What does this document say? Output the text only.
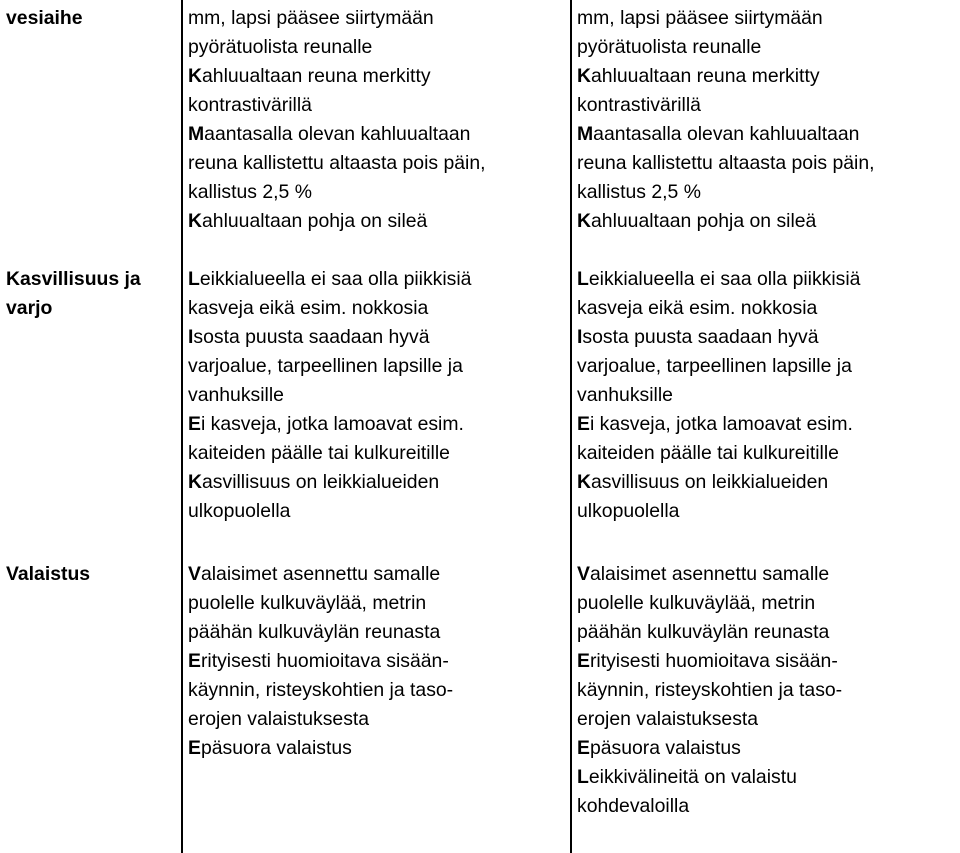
vesiaihe	mm, lapsi pääsee siirtymään
pyörätuolista reunalle
Kahluualtaan reuna merkitty
kontrastivärillä
Maantasalla olevan kahluualtaan
reuna kallistettu altaasta pois päin,
kallistus 2,5 %
Kahluualtaan pohja on sileä
mm, lapsi pääsee siirtymään
pyörätuolista reunalle
Kahluualtaan reuna merkitty
kontrastivärillä
Maantasalla olevan kahluualtaan
reuna kallistettu altaasta pois päin,
kallistus 2,5 %
Kahluualtaan pohja on sileä
Kasvillisuus ja
varjo
Leikkialueella ei saa olla piikkisiä
kasveja eikä esim. nokkosia
Isosta puusta saadaan hyvä
varjoalue, tarpeellinen lapsille ja
vanhuksille
Ei kasveja, jotka lamoavat esim.
kaiteiden päälle tai kulkureitille
Kasvillisuus on leikkialueiden
ulkopuolella
Leikkialueella ei saa olla piikkisiä
kasveja eikä esim. nokkosia
Isosta puusta saadaan hyvä
varjoalue, tarpeellinen lapsille ja
vanhuksille
Ei kasveja, jotka lamoavat esim.
kaiteiden päälle tai kulkureitille
Kasvillisuus on leikkialueiden
ulkopuolella
Valaistus	Valaisimet asennettu samalle
puolelle kulkuväylää, metrin
päähän kulkuväylän reunasta
Erityisesti huomioitava sisään-
käynnin, risteyskohtien ja taso-
erojen valaistuksesta
Epäsuora valaistus
Valaisimet asennettu samalle
puolelle kulkuväylää, metrin
päähän kulkuväylän reunasta
Erityisesti huomioitava sisään-
käynnin, risteyskohtien ja taso-
erojen valaistuksesta
Epäsuora valaistus
Leikkivälineitä on valaistu
kohdevaloilla
